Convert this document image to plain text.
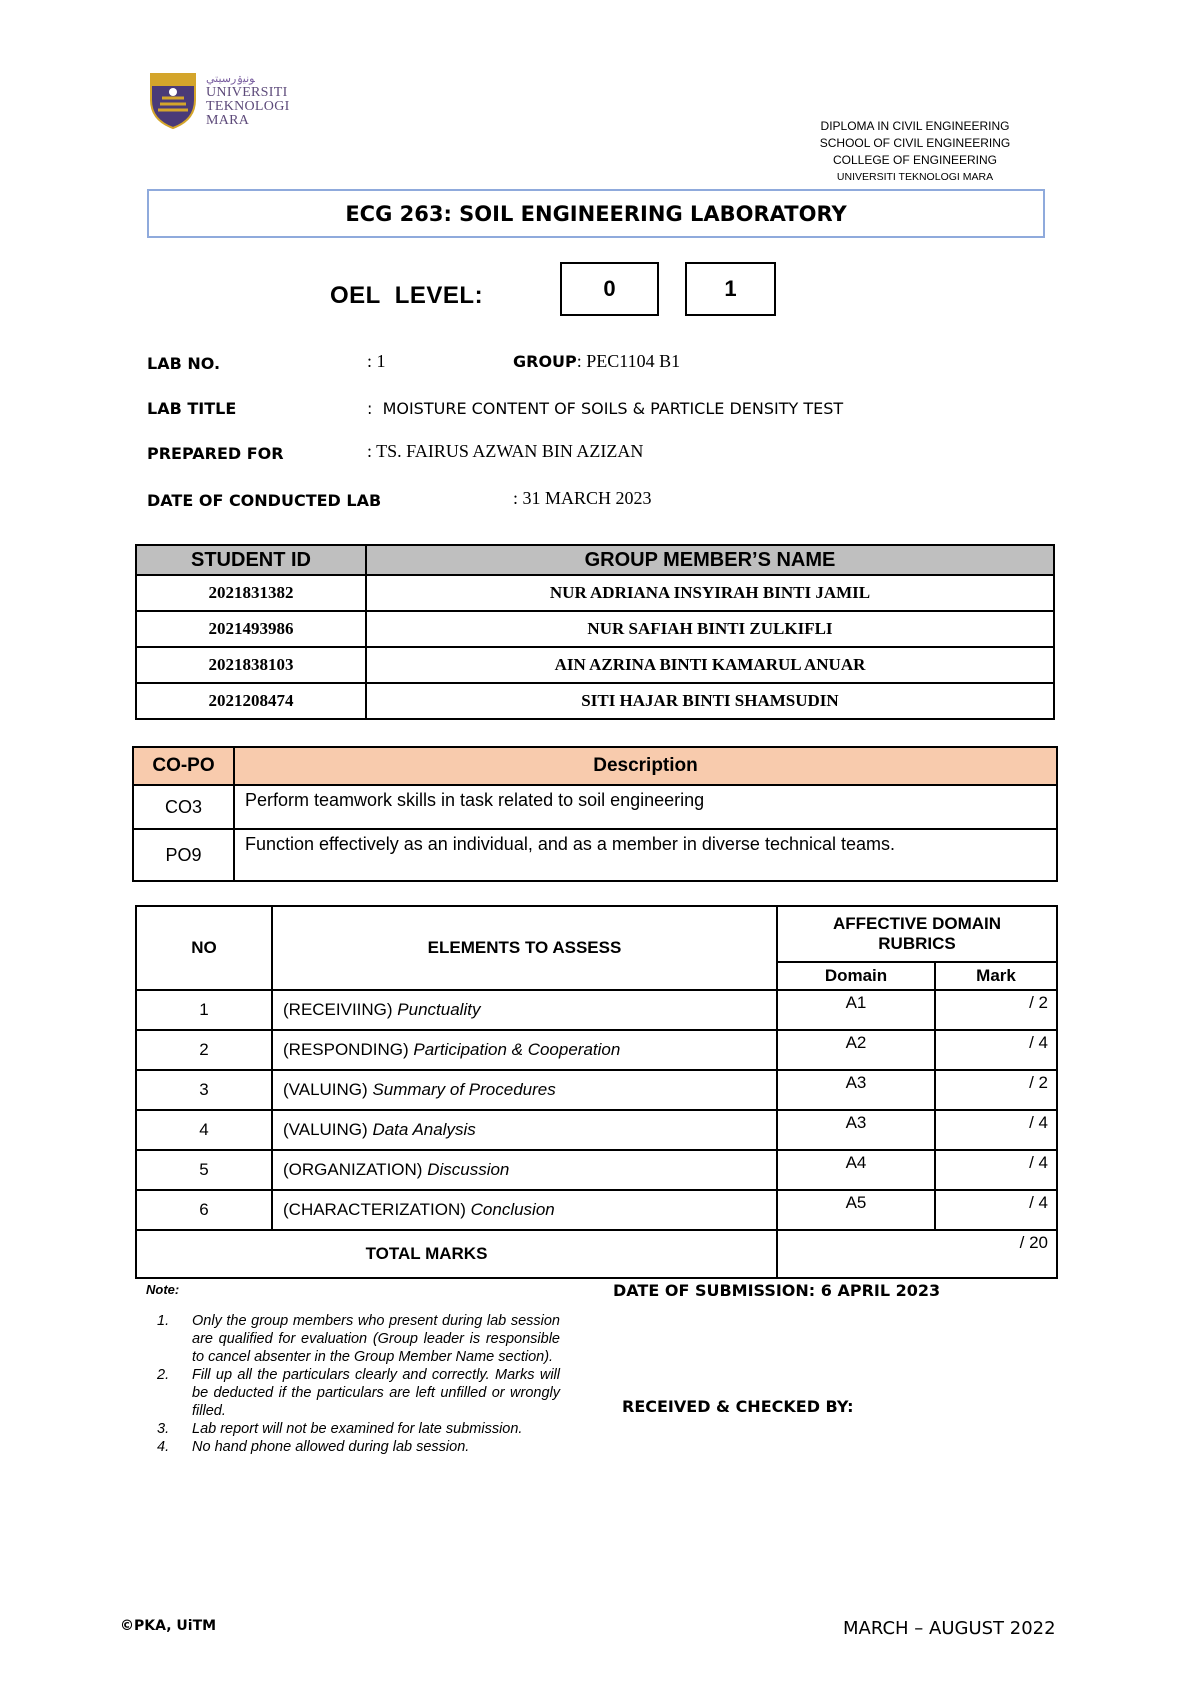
ﻮﻧﻴۏﺭﺳﻴﺘﻲ
UNIVERSITI
TEKNOLOGI
MARA	DIPLOMA IN CIVIL ENGINEERING
SCHOOL OF CIVIL ENGINEERING
COLLEGE OF ENGINEERING
UNIVERSITI TEKNOLOGI MARA
ECG 263: SOIL ENGINEERING LABORATORY
OEL  LEVEL:	0	1
LAB NO.	: 1	GROUP: PEC1104 B1
LAB TITLE	:  MOISTURE CONTENT OF SOILS & PARTICLE DENSITY TEST
PREPARED FOR	: TS. FAIRUS AZWAN BIN AZIZAN
DATE OF CONDUCTED LAB	: 31 MARCH 2023
STUDENT ID	GROUP MEMBER’S NAME
2021831382	NUR ADRIANA INSYIRAH BINTI JAMIL
2021493986	NUR SAFIAH BINTI ZULKIFLI
2021838103	AIN AZRINA BINTI KAMARUL ANUAR
2021208474	SITI HAJAR BINTI SHAMSUDIN
CO-PO	Description
CO3	Perform teamwork skills in task related to soil engineering
PO9	Function effectively as an individual, and as a member in diverse technical teams.
NO	ELEMENTS TO ASSESS	AFFECTIVE DOMAIN RUBRICS	
		Domain	Mark
1	(RECEIVIING) Punctuality	A1	/ 2
2	(RESPONDING) Participation & Cooperation	A2	/ 4
3	(VALUING) Summary of Procedures	A3	/ 2
4	(VALUING) Data Analysis	A3	/ 4
5	(ORGANIZATION) Discussion	A4	/ 4
6	(CHARACTERIZATION) Conclusion	A5	/ 4
TOTAL MARKS		/ 20	
Note:
1. Only the group members who present during lab session are qualified for evaluation (Group leader is responsible to cancel absenter in the Group Member Name section).
2. Fill up all the particulars clearly and correctly. Marks will be deducted if the particulars are left unfilled or wrongly filled.
3. Lab report will not be examined for late submission.
4. No hand phone allowed during lab session.
DATE OF SUBMISSION: 6 APRIL 2023
RECEIVED & CHECKED BY:
©PKA, UiTM	MARCH – AUGUST 2022
